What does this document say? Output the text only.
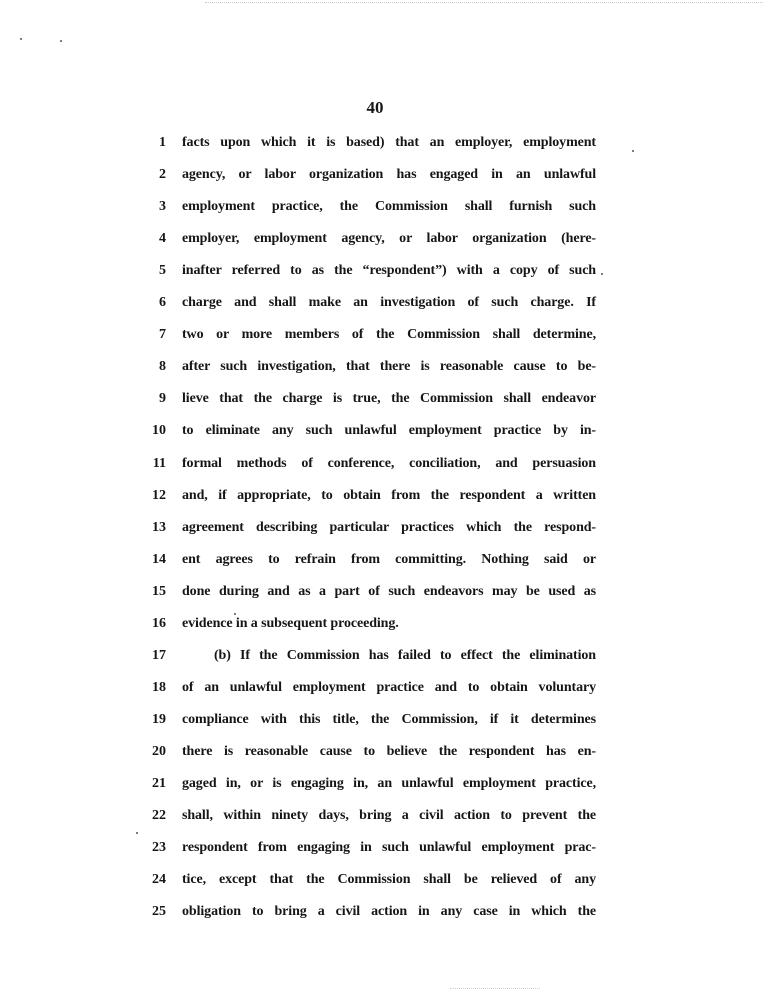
40
1 facts upon which it is based) that an employer, employment
2 agency, or labor organization has engaged in an unlawful
3 employment practice, the Commission shall furnish such
4 employer, employment agency, or labor organization (here-
5 inafter referred to as the “respondent”) with a copy of such
6 charge and shall make an investigation of such charge. If
7 two or more members of the Commission shall determine,
8 after such investigation, that there is reasonable cause to be-
9 lieve that the charge is true, the Commission shall endeavor
10 to eliminate any such unlawful employment practice by in-
11 formal methods of conference, conciliation, and persuasion
12 and, if appropriate, to obtain from the respondent a written
13 agreement describing particular practices which the respond-
14 ent agrees to refrain from committing. Nothing said or
15 done during and as a part of such endeavors may be used as
16 evidence in a subsequent proceeding.
17	(b) If the Commission has failed to effect the elimination
18 of an unlawful employment practice and to obtain voluntary
19 compliance with this title, the Commission, if it determines
20 there is reasonable cause to believe the respondent has en-
21 gaged in, or is engaging in, an unlawful employment practice,
22 shall, within ninety days, bring a civil action to prevent the
23 respondent from engaging in such unlawful employment prac-
24 tice, except that the Commission shall be relieved of any
25 obligation to bring a civil action in any case in which the
